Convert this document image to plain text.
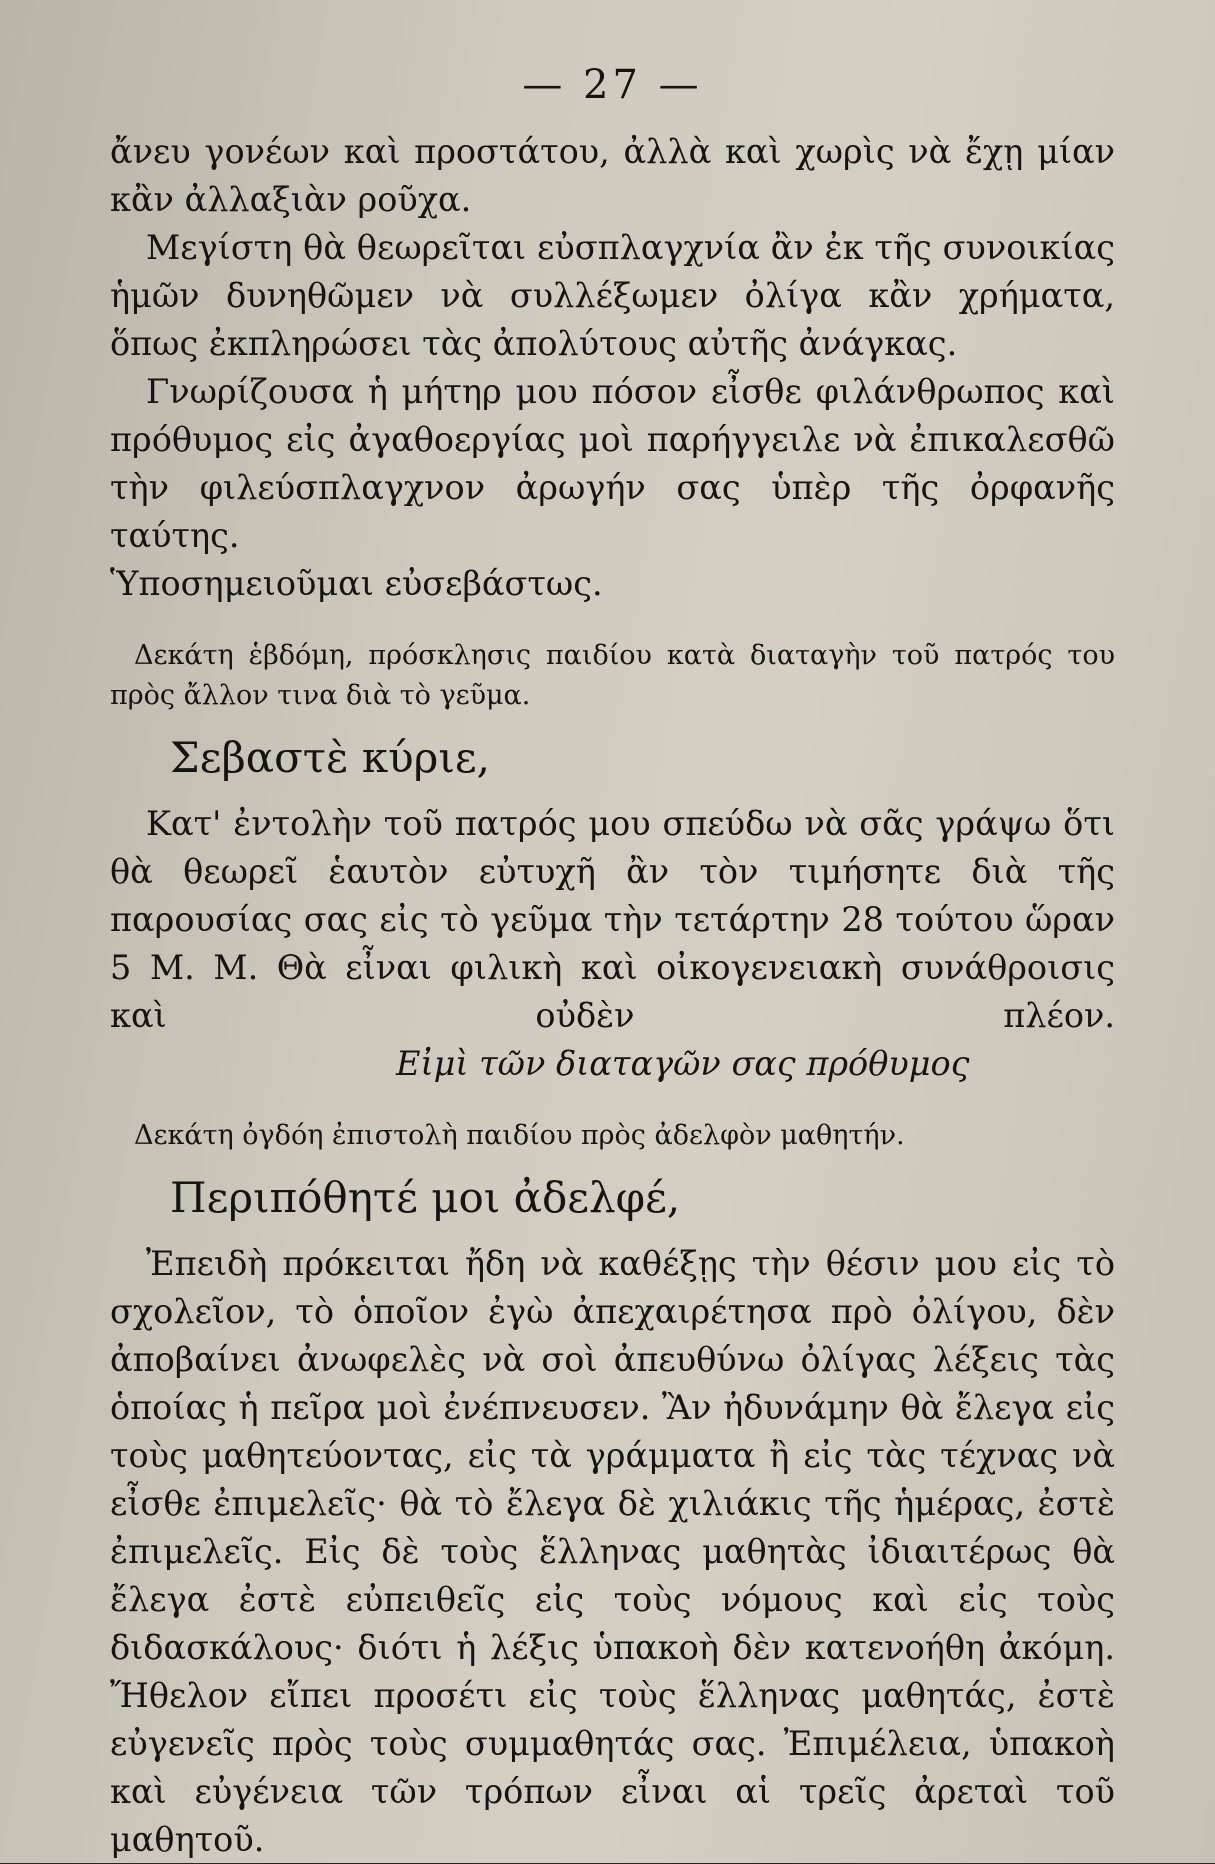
— 27 —

ἄνευ γονέων καὶ προστάτου, ἀλλὰ καὶ χωρὶς νὰ ἔχῃ μίαν κἂν ἀλλαξιὰν ροῦχα.

Μεγίστη θὰ θεωρεῖται εὐσπλαγχνία ἂν ἐκ τῆς συνοικίας ἡμῶν δυνηθῶμεν νὰ συλλέξωμεν ὀλίγα κἂν χρήματα, ὅπως ἐκπληρώσει τὰς ἀπολύτους αὐτῆς ἀνάγκας.

Γνωρίζουσα ἡ μήτηρ μου πόσον εἶσθε φιλάνθρωπος καὶ πρόθυμος εἰς ἀγαθοεργίας μοὶ παρήγγειλε νὰ ἐπικαλεσθῶ τὴν φιλεύσπλαγχνον ἀρωγήν σας ὑπὲρ τῆς ὀρφανῆς ταύτης.

Ὑποσημειοῦμαι εὐσεβάστως.

Δεκάτη ἑβδόμη, πρόσκλησις παιδίου κατὰ διαταγὴν τοῦ πατρός του πρὸς ἄλλον τινα διὰ τὸ γεῦμα.
Σεβαστὲ κύριε,

Κατ' ἐντολὴν τοῦ πατρός μου σπεύδω νὰ σᾶς γράψω ὅτι θὰ θεωρεῖ ἑαυτὸν εὐτυχῆ ἂν τὸν τιμήσητε διὰ τῆς παρουσίας σας εἰς τὸ γεῦμα τὴν τετάρτην 28 τούτου ὥραν 5 Μ. Μ. Θὰ εἶναι φιλικὴ καὶ οἰκογενειακὴ συνάθροισις καὶ οὐδὲν πλέον. Εἰμὶ τῶν διαταγῶν σας πρόθυμος

Δεκάτη ὀγδόη ἐπιστολὴ παιδίου πρὸς ἀδελφὸν μαθητήν.
Περιπόθητέ μοι ἀδελφέ,

Ἐπειδὴ πρόκειται ἤδη νὰ καθέξῃς τὴν θέσιν μου εἰς τὸ σχολεῖον, τὸ ὁποῖον ἐγὼ ἀπεχαιρέτησα πρὸ ὀλίγου, δὲν ἀποβαίνει ἀνωφελὲς νὰ σοὶ ἀπευθύνω ὀλίγας λέξεις τὰς ὁποίας ἡ πεῖρα μοὶ ἐνέπνευσεν. Ἂν ἠδυνάμην θὰ ἔλεγα εἰς τοὺς μαθητεύοντας, εἰς τὰ γράμματα ἢ εἰς τὰς τέχνας νὰ εἶσθε ἐπιμελεῖς· θὰ τὸ ἔλεγα δὲ χιλιάκις τῆς ἡμέρας, ἐστὲ ἐπιμελεῖς. Εἰς δὲ τοὺς ἕλληνας μαθητὰς ἰδιαιτέρως θὰ ἔλεγα ἐστὲ εὐπειθεῖς εἰς τοὺς νόμους καὶ εἰς τοὺς διδασκάλους· διότι ἡ λέξις ὑπακοὴ δὲν κατενοήθη ἀκόμη. Ἤθελον εἴπει προσέτι εἰς τοὺς ἕλληνας μαθητάς, ἐστὲ εὐγενεῖς πρὸς τοὺς συμμαθητάς σας. Ἐπιμέλεια, ὑπακοὴ καὶ εὐγένεια τῶν τρόπων εἶναι αἱ τρεῖς ἀρεταὶ τοῦ μαθητοῦ.
